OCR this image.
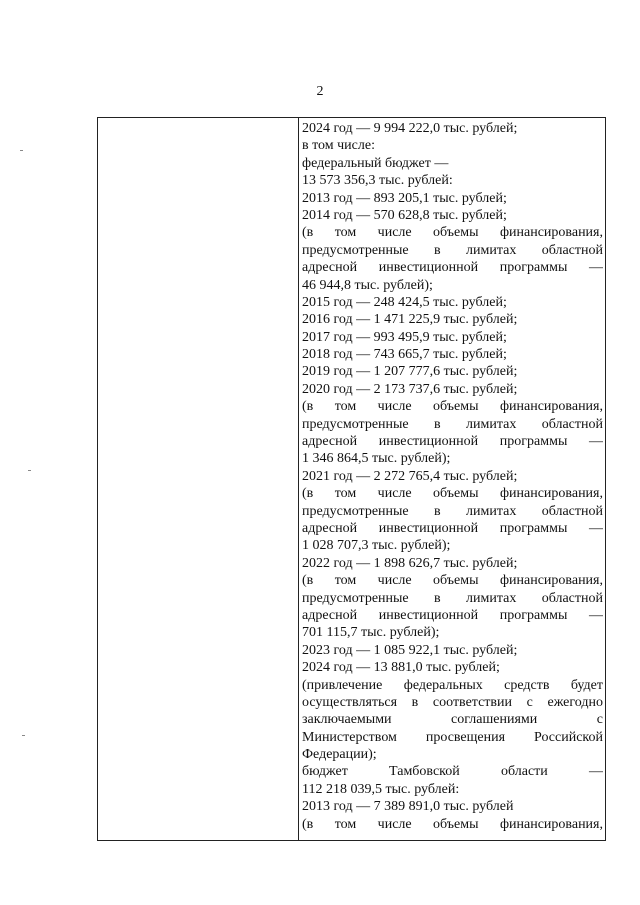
2
2024 год — 9 994 222,0 тыс. рублей;
в том числе:
федеральный бюджет —
13 573 356,3 тыс. рублей:
2013 год — 893 205,1 тыс. рублей;
2014 год — 570 628,8 тыс. рублей;
(в том числе объемы финансирования,
предусмотренные в лимитах областной
адресной инвестиционной программы —
46 944,8 тыс. рублей);
2015 год — 248 424,5 тыс. рублей;
2016 год — 1 471 225,9 тыс. рублей;
2017 год — 993 495,9 тыс. рублей;
2018 год — 743 665,7 тыс. рублей;
2019 год — 1 207 777,6 тыс. рублей;
2020 год — 2 173 737,6 тыс. рублей;
(в том числе объемы финансирования,
предусмотренные в лимитах областной
адресной инвестиционной программы —
1 346 864,5 тыс. рублей);
2021 год — 2 272 765,4 тыс. рублей;
(в том числе объемы финансирования,
предусмотренные в лимитах областной
адресной инвестиционной программы —
1 028 707,3 тыс. рублей);
2022 год — 1 898 626,7 тыс. рублей;
(в том числе объемы финансирования,
предусмотренные в лимитах областной
адресной инвестиционной программы —
701 115,7 тыс. рублей);
2023 год — 1 085 922,1 тыс. рублей;
2024 год — 13 881,0 тыс. рублей;
(привлечение федеральных средств будет
осуществляться в соответствии с ежегодно
заключаемыми соглашениями с
Министерством просвещения Российской
Федерации);
бюджет Тамбовской области —
112 218 039,5 тыс. рублей:
2013 год — 7 389 891,0 тыс. рублей
(в том числе объемы финансирования,
